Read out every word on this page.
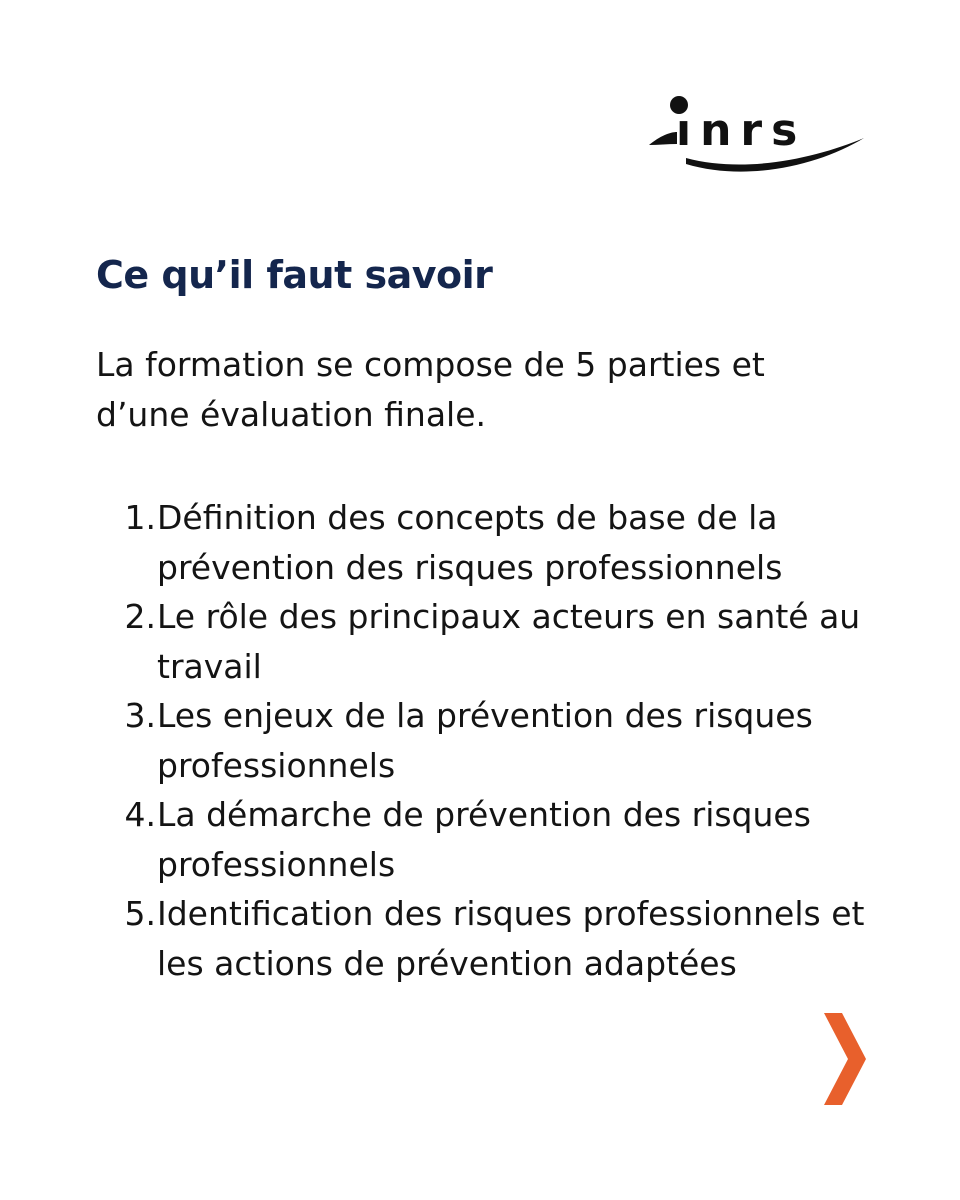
ınrs
Ce qu’il faut savoir

La formation se compose de 5 parties et d’une évaluation finale.

1. Définition des concepts de base de la prévention des risques professionnels
2. Le rôle des principaux acteurs en santé au travail
3. Les enjeux de la prévention des risques professionnels
4. La démarche de prévention des risques professionnels
5. Identification des risques professionnels et les actions de prévention adaptées
